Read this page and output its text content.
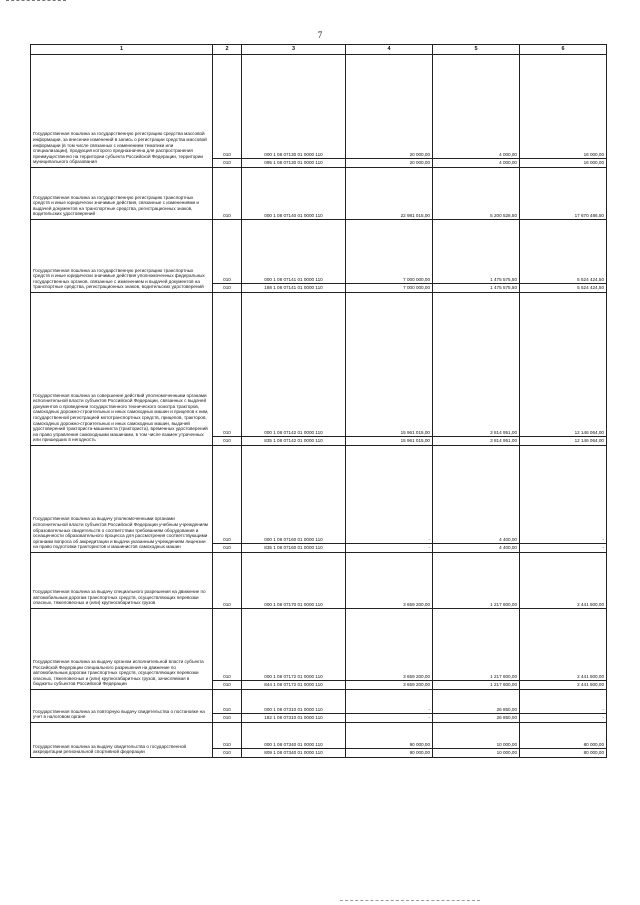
7
1	2	3	4	5	6
Государственная пошлина за государственную регистрацию средства массовой информации, за внесение изменений в запись о регистрации средства массовой информации (в том числе связанных с изменением тематики или специализации), продукция которого предназначена для распространения преимущественно на территории субъекта Российской Федерации, территории муниципального образования	010	000 1 08 07130 01 0000 110	20 000,00	4 000,00	16 000,00
	010	095 1 08 07130 01 0000 110	20 000,00	4 000,00	16 000,00
Государственная пошлина за государственную регистрацию транспортных средств и иные юридически значимые действия, связанные с изменениями и выдачей документов на транспортные средства, регистрационных знаков, водительских удостоверений	010	000 1 08 07140 01 0000 110	22 981 015,00	5 200 528,50	17 670 486,50
Государственная пошлина за государственную регистрацию транспортных средств и иные юридически значимые действия уполномоченных федеральных государственных органов, связанные с изменением и выдачей документов на транспортные средства, регистрационных знаков, водительских удостоверений	010	000 1 08 07141 01 0000 110	7 000 000,00	1 475 575,50	5 524 424,50
	010	188 1 08 07141 01 0000 110	7 000 000,00	1 475 575,50	5 524 424,50
Государственная пошлина за совершение действий уполномоченными органами исполнительной власти субъектов Российской Федерации, связанных с выдачей документов о проведении государственного технического осмотра тракторов, самоходных дорожно-строительных и иных самоходных машин и прицепов к ним, государственной регистрацией мототранспортных средств, прицепов, тракторов, самоходных дорожно-строительных и иных самоходных машин, выдачей удостоверений тракториста-машиниста (тракториста), временных удостоверений на право управления самоходными машинами, в том числе взамен утраченных или пришедших в негодность	010	000 1 08 07142 01 0000 110	15 961 015,00	3 814 951,00	12 146 064,00
	010	835 1 08 07142 01 0000 110	15 961 015,00	3 814 951,00	12 146 064,00
Государственная пошлина за выдачу уполномоченными органами исполнительной власти субъектов Российской Федерации учебным учреждениям образовательных свидетельств о соответствии требованиям оборудования и оснащенности образовательного процесса для рассмотрения соответствующими органами вопроса об аккредитации и выдачи указанным учреждениям лицензии на право подготовки трактористов и машинистов самоходных машин	010	000 1 08 07160 01 0000 110	-	4 400,00	-
	010	835 1 08 07160 01 0000 110	-	4 400,00	-
Государственная пошлина за выдачу специального разрешения на движение по автомобильным дорогам транспортных средств, осуществляющих перевозки опасных, тяжеловесных и (или) крупногабаритных грузов	010	000 1 08 07170 01 0000 110	3 659 200,00	1 217 600,00	2 441 600,00
Государственная пошлина за выдачу органом исполнительной власти субъекта Российской Федерации специального разрешения на движение по автомобильным дорогам транспортных средств, осуществляющих перевозки опасных, тяжеловесных и (или) крупногабаритных грузов, зачисляемая в бюджеты субъектов Российской Федерации	010	000 1 08 07172 01 0000 110	3 659 200,00	1 217 600,00	2 441 600,00
	010	844 1 08 07172 01 0000 110	3 659 200,00	1 217 600,00	2 441 600,00
Государственная пошлина за повторную выдачу свидетельства о постановке на учет в налоговом органе	010	000 1 08 07310 01 0000 110	-	26 850,00	-
	010	182 1 08 07310 01 0000 110	-	26 850,00	-
Государственная пошлина за выдачу свидетельства о государственной аккредитации региональной спортивной федерации	010	000 1 08 07340 01 0000 110	90 000,00	10 000,00	80 000,00
	010	809 1 08 07340 01 0000 110	90 000,00	10 000,00	80 000,00
